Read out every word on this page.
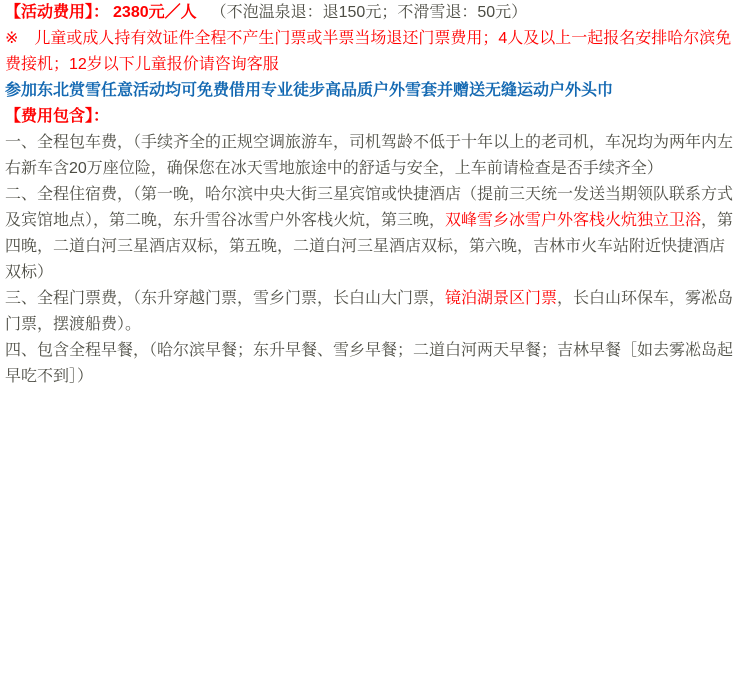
【活动费用】： 2380元／人 （不泡温泉退：退150元；不滑雪退：50元）

※　儿童或成人持有效证件全程不产生门票或半票当场退还门票费用；4人及以上一起报名安排哈尔滨免费接机；12岁以下儿童报价请咨询客服

参加东北赏雪任意活动均可免费借用专业徒步高品质户外雪套并赠送无缝运动户外头巾

【费用包含】：

一、全程包车费，（手续齐全的正规空调旅游车，司机驾龄不低于十年以上的老司机，车况均为两年内左右新车含20万座位险，确保您在冰天雪地旅途中的舒适与安全，上车前请检查是否手续齐全）

二、全程住宿费，（第一晚，哈尔滨中央大街三星宾馆或快捷酒店（提前三天统一发送当期领队联系方式及宾馆地点），第二晚，东升雪谷冰雪户外客栈火炕，第三晚，双峰雪乡冰雪户外客栈火炕独立卫浴，第四晚，二道白河三星酒店双标，第五晚，二道白河三星酒店双标，第六晚，吉林市火车站附近快捷酒店双标）

三、全程门票费，（东升穿越门票，雪乡门票，长白山大门票，镜泊湖景区门票，长白山环保车，雾凇岛门票，摆渡船费）。

四、包含全程早餐，（哈尔滨早餐；东升早餐、雪乡早餐；二道白河两天早餐；吉林早餐［如去雾凇岛起早吃不到］）
